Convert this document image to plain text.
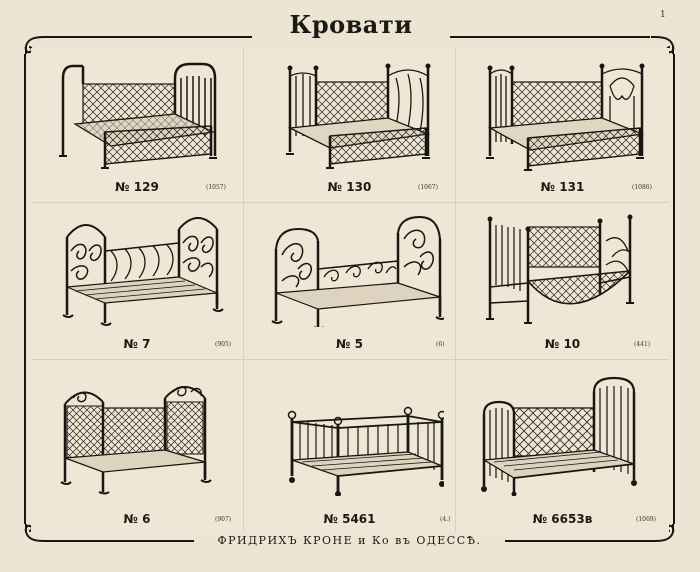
Кровати	1
№ 129	(1057)	№ 130	(1067)	№ 131	(1086)
№ 7	(905)	№ 5	(6)	№ 10	(441)
№ 6	(907)	№ 5461	(4.)	№ 6653в	(1069)
ФРИДРИХЪ КРОНЕ и Ко въ ОДЕССѢ.
